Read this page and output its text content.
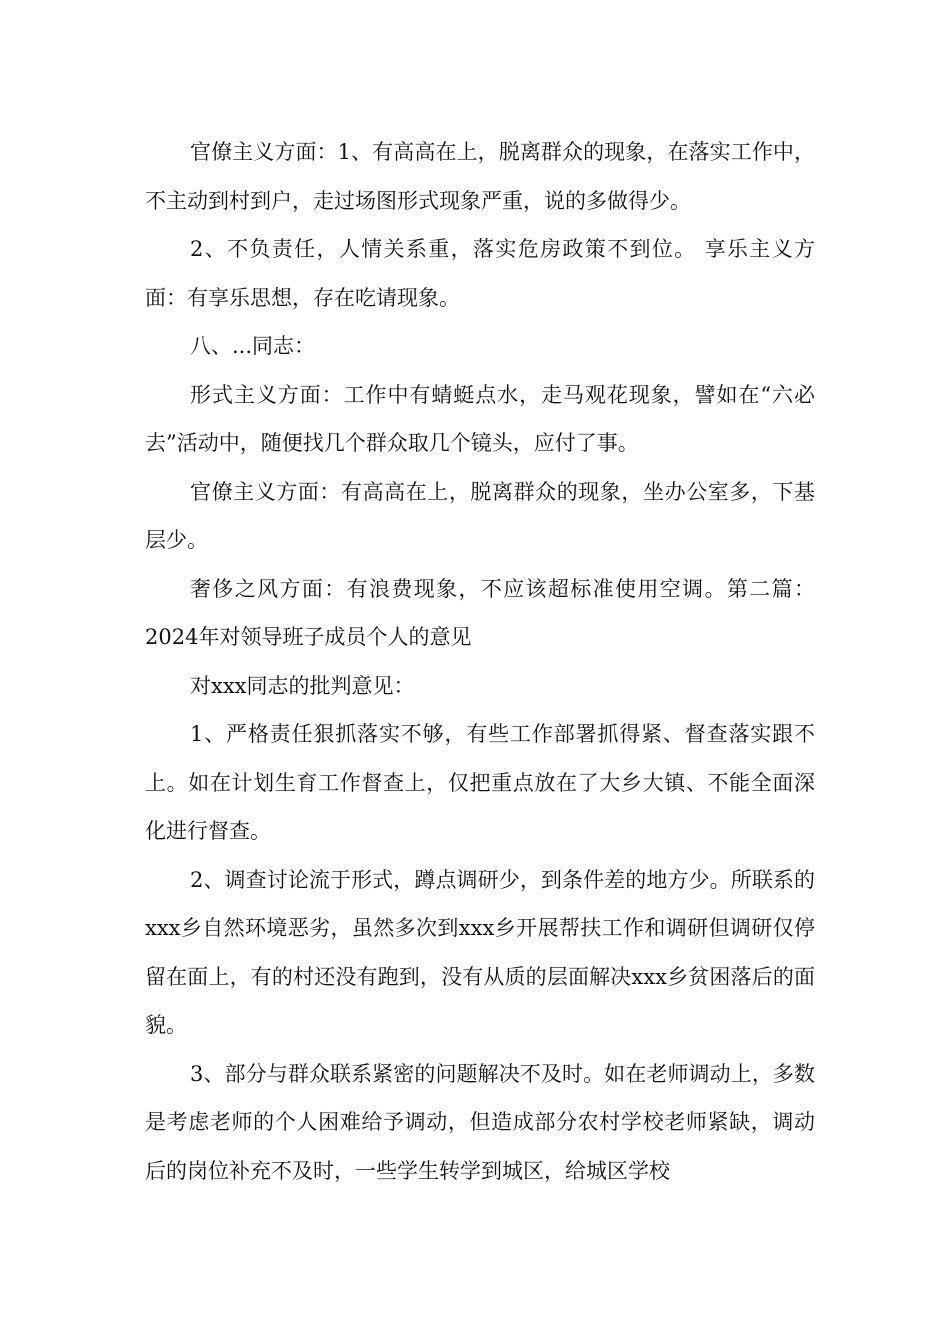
官僚主义方面：1、有高高在上，脱离群众的现象，在落实工作中，不主动到村到户，走过场图形式现象严重，说的多做得少。

2、不负责任，人情关系重，落实危房政策不到位。 享乐主义方面：有享乐思想，存在吃请现象。

八、...同志：

形式主义方面：工作中有蜻蜓点水，走马观花现象，譬如在“六必去”活动中，随便找几个群众取几个镜头，应付了事。

官僚主义方面：有高高在上，脱离群众的现象，坐办公室多，下基层少。

奢侈之风方面：有浪费现象，不应该超标准使用空调。第二篇：2024年对领导班子成员个人的意见

对xxx同志的批判意见：

1、严格责任狠抓落实不够，有些工作部署抓得紧、督查落实跟不上。如在计划生育工作督查上，仅把重点放在了大乡大镇、不能全面深化进行督查。

2、调查讨论流于形式，蹲点调研少，到条件差的地方少。所联系的xxx乡自然环境恶劣，虽然多次到xxx乡开展帮扶工作和调研但调研仅停留在面上，有的村还没有跑到，没有从质的层面解决xxx乡贫困落后的面貌。

3、部分与群众联系紧密的问题解决不及时。如在老师调动上，多数是考虑老师的个人困难给予调动，但造成部分农村学校老师紧缺，调动后的岗位补充不及时，一些学生转学到城区，给城区学校
